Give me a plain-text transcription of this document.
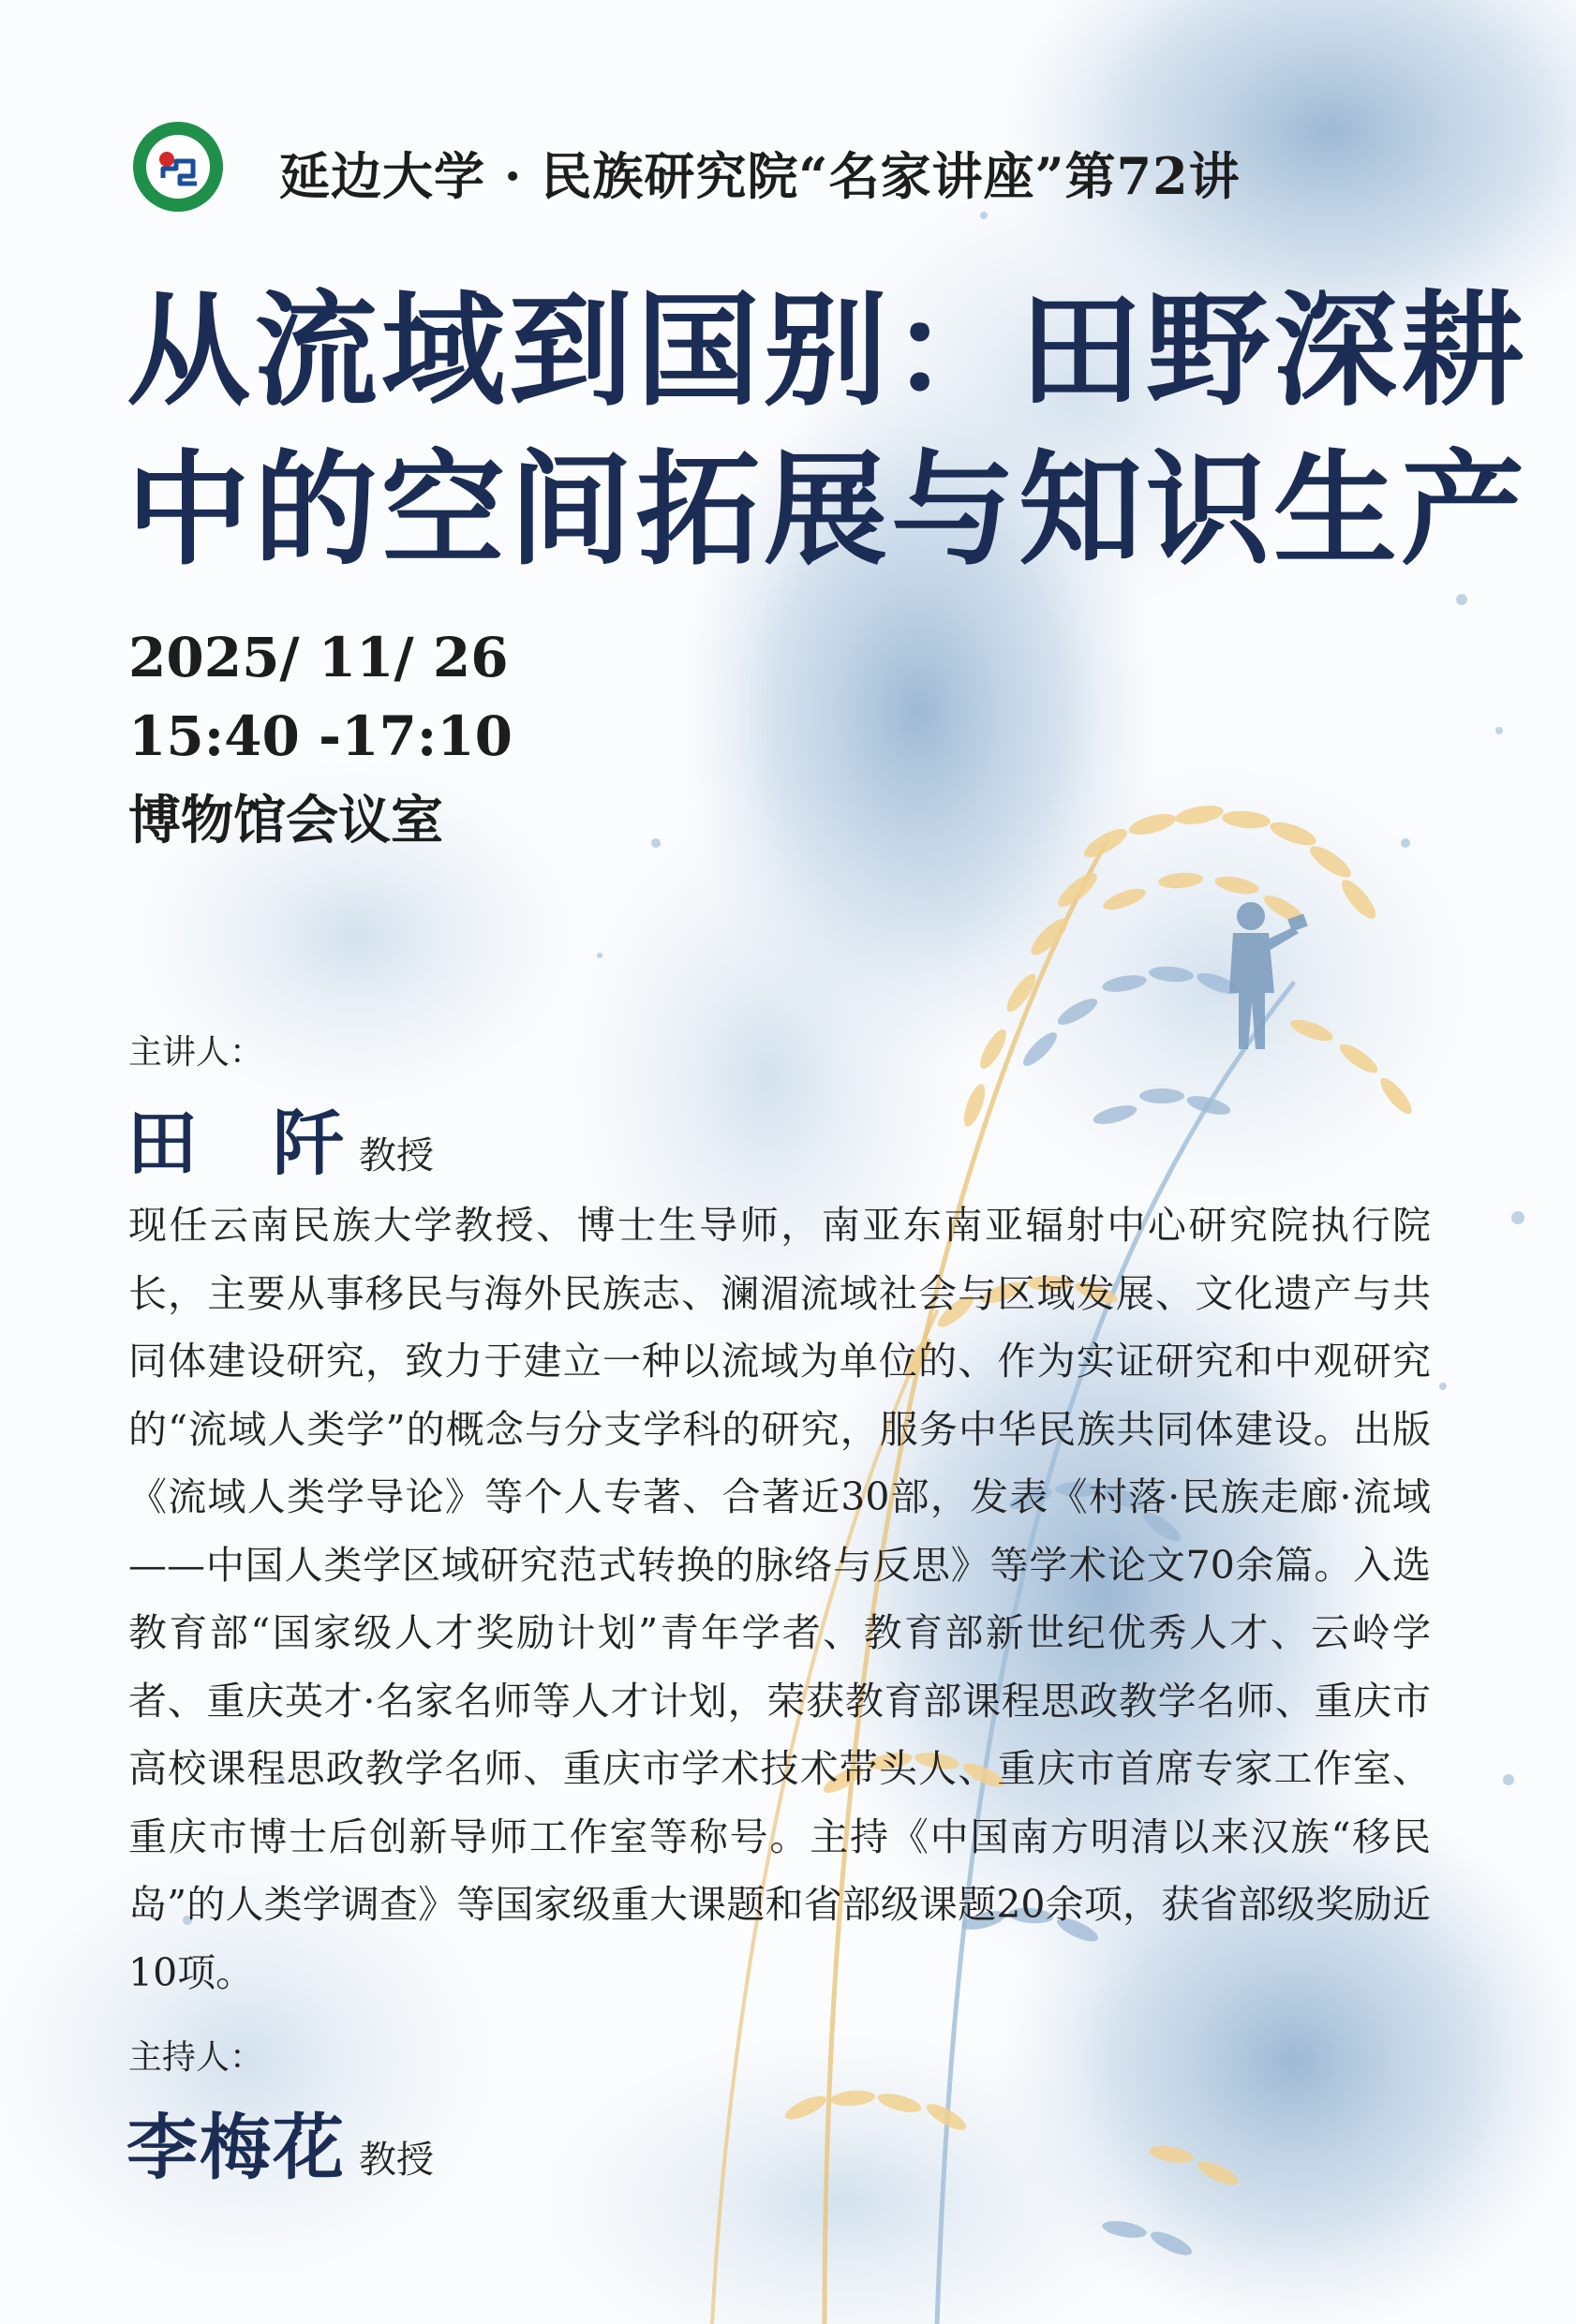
延边大学 · 民族研究院“名家讲座”第72讲
从流域到国别：田野深耕
中的空间拓展与知识生产
2025/ 11/ 26
15:40 -17:10
博物馆会议室
主讲人：
田　阡 教授
现任云南民族大学教授、博士生导师，南亚东南亚辐射中心研究院执行院长，主要从事移民与海外民族志、澜湄流域社会与区域发展、文化遗产与共同体建设研究，致力于建立一种以流域为单位的、作为实证研究和中观研究的“流域人类学”的概念与分支学科的研究，服务中华民族共同体建设。出版《流域人类学导论》等个人专著、合著近30部，发表《村落·民族走廊·流域——中国人类学区域研究范式转换的脉络与反思》等学术论文70余篇。入选教育部“国家级人才奖励计划”青年学者、教育部新世纪优秀人才、云岭学者、重庆英才·名家名师等人才计划，荣获教育部课程思政教学名师、重庆市高校课程思政教学名师、重庆市学术技术带头人、重庆市首席专家工作室、重庆市博士后创新导师工作室等称号。主持《中国南方明清以来汉族“移民岛”的人类学调查》等国家级重大课题和省部级课题20余项，获省部级奖励近10项。
主持人：
李梅花 教授
